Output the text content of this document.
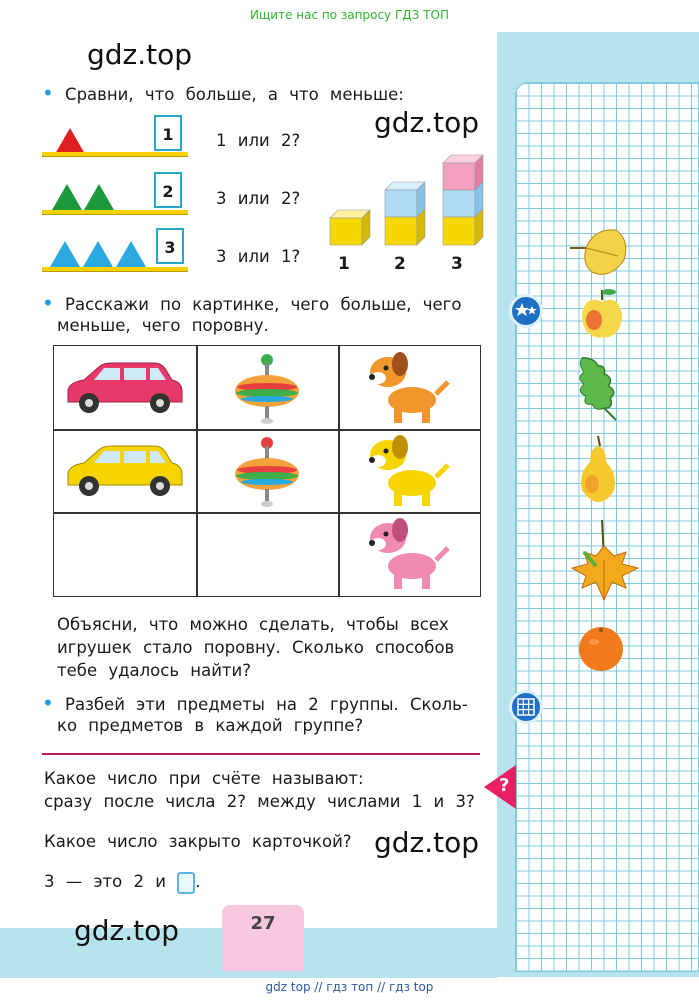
Ищите нас по запросу ГДЗ ТОП
gdz.top
gdz.top
gdz.top
gdz.top
• Сравни, что больше, а что меньше:
1	1 или 2?
2	3 или 2?
3	3 или 1? 1	2	3
• Расскажи по картинке, чего больше, чего
меньше, чего поровну.
Объясни, что можно сделать, чтобы всех
игрушек стало поровну. Сколько способов
тебе удалось найти?
• Разбей эти предметы на 2 группы. Сколь-
ко предметов в каждой группе?
Какое число при счёте называют:
сразу после числа 2? между числами 1 и 3?
Какое число закрыто карточкой?
3 — это 2 и .
27
?
gdz top // гдз топ // гдз top
